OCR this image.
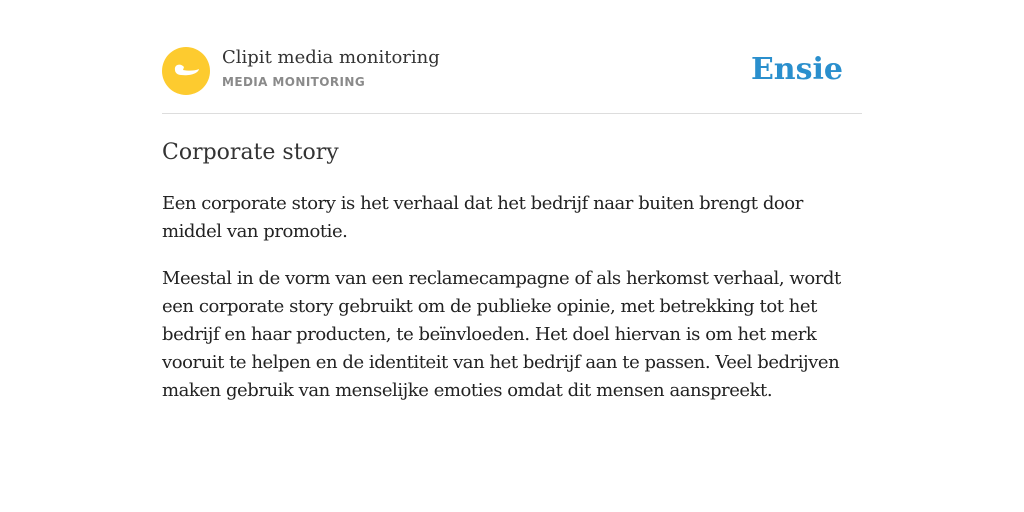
Clipit media monitoring
MEDIA MONITORING	Ensie
Corporate story

Een corporate story is het verhaal dat het bedrijf naar buiten brengt door middel van promotie.

Meestal in de vorm van een reclamecampagne of als herkomst verhaal, wordt een corporate story gebruikt om de publieke opinie, met betrekking tot het bedrijf en haar producten, te beïnvloeden. Het doel hiervan is om het merk vooruit te helpen en de identiteit van het bedrijf aan te passen. Veel bedrijven maken gebruik van menselijke emoties omdat dit mensen aanspreekt.
